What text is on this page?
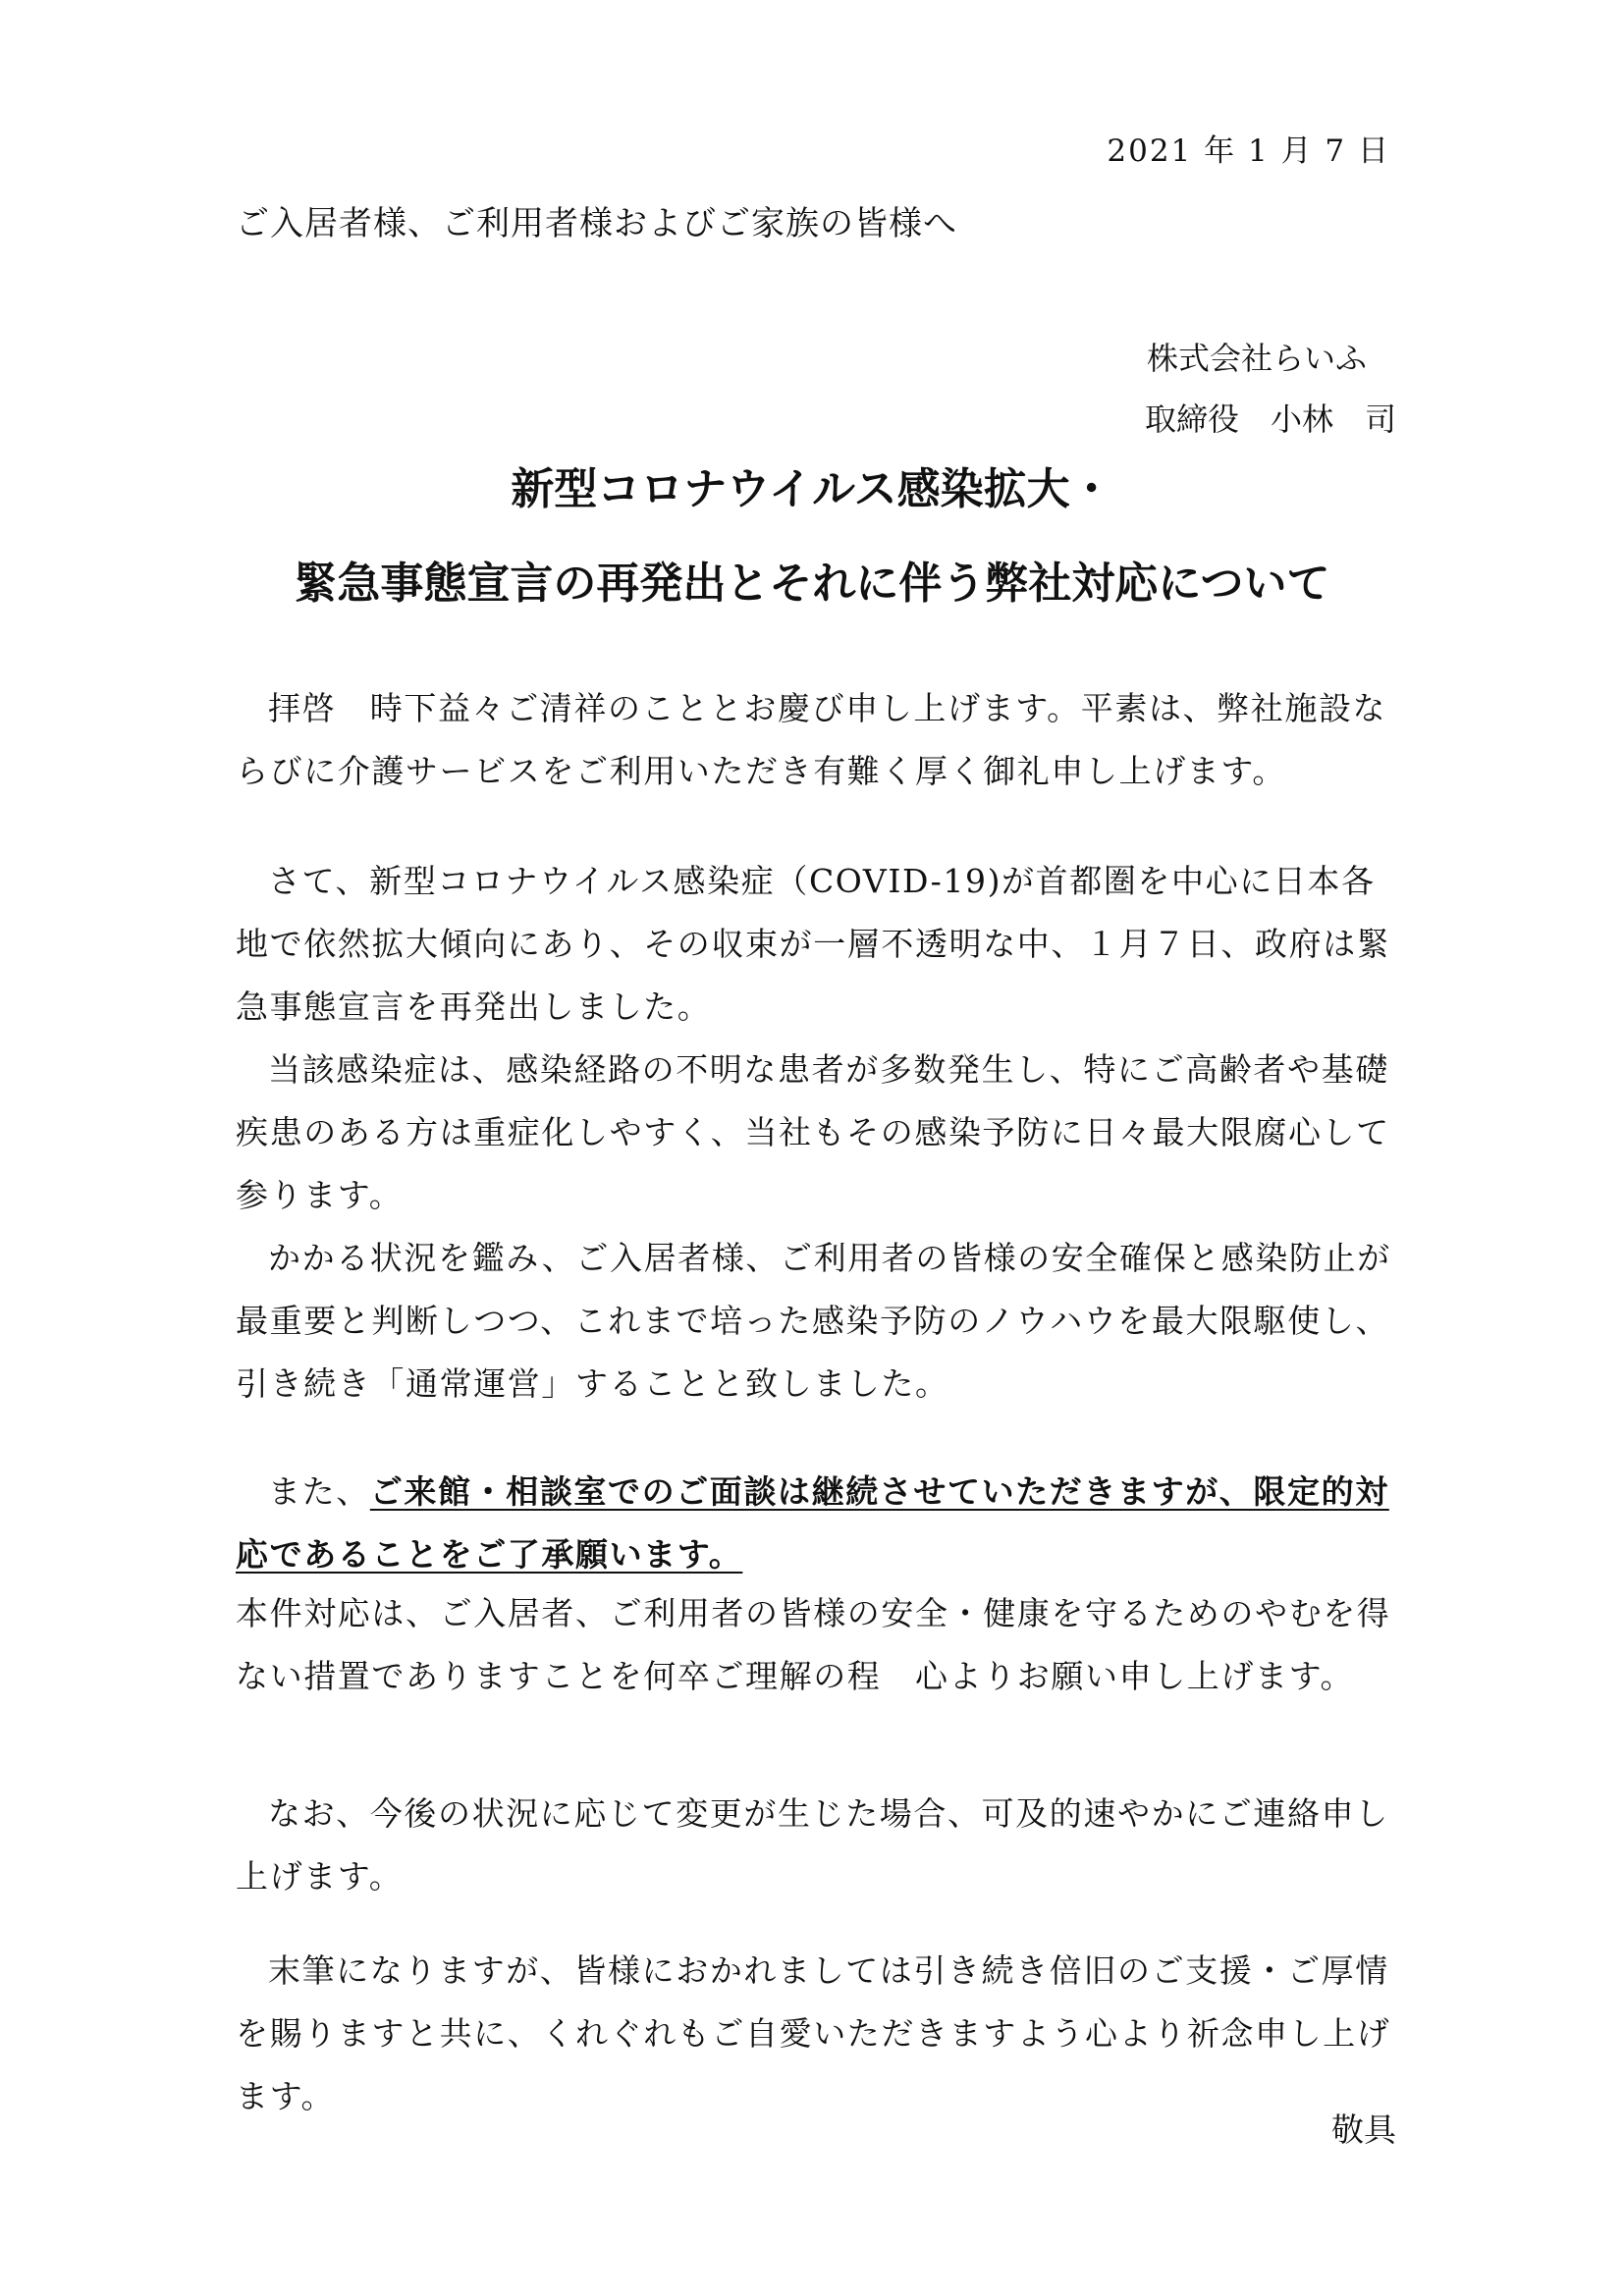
2021 年 1 月 7 日
ご入居者様、ご利用者様およびご家族の皆様へ
株式会社らいふ
取締役　小林　司
新型コロナウイルス感染拡大・
緊急事態宣言の再発出とそれに伴う弊社対応について
拝啓　時下益々ご清祥のこととお慶び申し上げます。平素は、弊社施設ならびに介護サービスをご利用いただき有難く厚く御礼申し上げます。
さて、新型コロナウイルス感染症（COVID-19)が首都圏を中心に日本各地で依然拡大傾向にあり、その収束が一層不透明な中、１月７日、政府は緊急事態宣言を再発出しました。
当該感染症は、感染経路の不明な患者が多数発生し、特にご高齢者や基礎疾患のある方は重症化しやすく、当社もその感染予防に日々最大限腐心して参ります。
かかる状況を鑑み、ご入居者様、ご利用者の皆様の安全確保と感染防止が最重要と判断しつつ、これまで培った感染予防のノウハウを最大限駆使し、引き続き「通常運営」することと致しました。
また、ご来館・相談室でのご面談は継続させていただきますが、限定的対応であることをご了承願います。
本件対応は、ご入居者、ご利用者の皆様の安全・健康を守るためのやむを得ない措置でありますことを何卒ご理解の程　心よりお願い申し上げます。
なお、今後の状況に応じて変更が生じた場合、可及的速やかにご連絡申し上げます。
末筆になりますが、皆様におかれましては引き続き倍旧のご支援・ご厚情を賜りますと共に、くれぐれもご自愛いただきますよう心より祈念申し上げます。
敬具
